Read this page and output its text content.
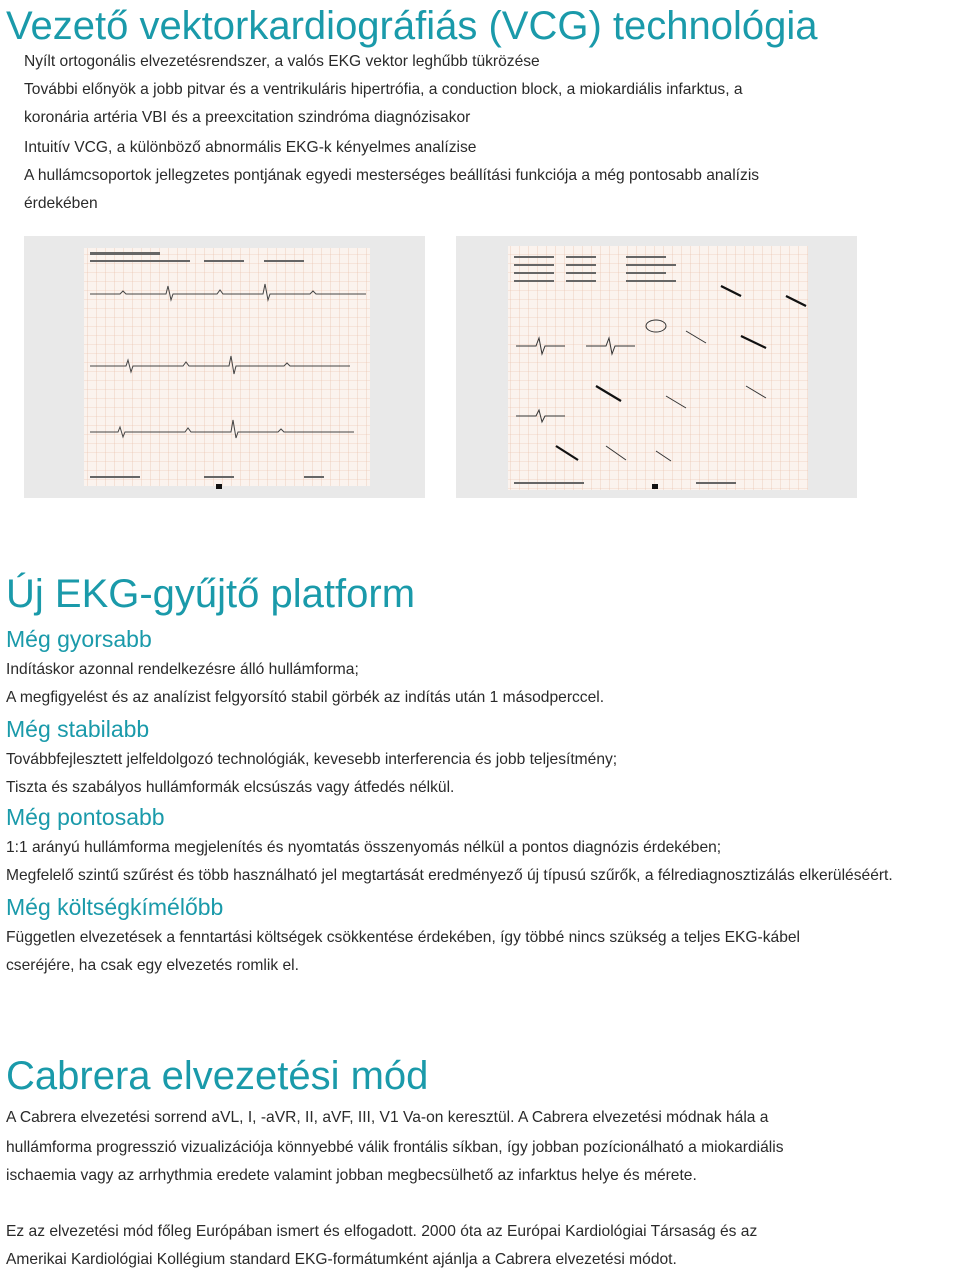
Vezető vektorkardiográfiás (VCG) technológia
Nyílt ortogonális elvezetésrendszer, a valós EKG vektor leghűbb tükrözése
További előnyök a jobb pitvar és a ventrikuláris hipertrófia, a conduction block, a miokardiális infarktus, a
koronária artéria VBI és a preexcitation szindróma diagnózisakor
Intuitív VCG, a különböző abnormális EKG-k kényelmes analízise
A hullámcsoportok jellegzetes pontjának egyedi mesterséges beállítási funkciója a még pontosabb analízis
érdekében
Új EKG-gyűjtő platform
Még gyorsabb
Indításkor azonnal rendelkezésre álló hullámforma;
A megfigyelést és az analízist felgyorsító stabil görbék az indítás után 1 másodperccel.
Még stabilabb
Továbbfejlesztett jelfeldolgozó technológiák, kevesebb interferencia és jobb teljesítmény;
Tiszta és szabályos hullámformák elcsúszás vagy átfedés nélkül.
Még pontosabb
1:1 arányú hullámforma megjelenítés és nyomtatás összenyomás nélkül a pontos diagnózis érdekében;
Megfelelő szintű szűrést és több használható jel megtartását eredményező új típusú szűrők, a félrediagnosztizálás elkerüléséért.
Még költségkímélőbb
Független elvezetések a fenntartási költségek csökkentése érdekében, így többé nincs szükség a teljes EKG-kábel
cseréjére, ha csak egy elvezetés romlik el.
Cabrera elvezetési mód
A Cabrera elvezetési sorrend aVL, I, -aVR, II, aVF, III, V1 Va-on keresztül. A Cabrera elvezetési módnak hála a
hullámforma progresszió vizualizációja könnyebbé válik frontális síkban, így jobban pozícionálható a miokardiális
ischaemia vagy az arrhythmia eredete valamint jobban megbecsülhető az infarktus helye és mérete.
Ez az elvezetési mód főleg Európában ismert és elfogadott. 2000 óta az Európai Kardiológiai Társaság és az
Amerikai Kardiológiai Kollégium standard EKG-formátumként ajánlja a Cabrera elvezetési módot.
